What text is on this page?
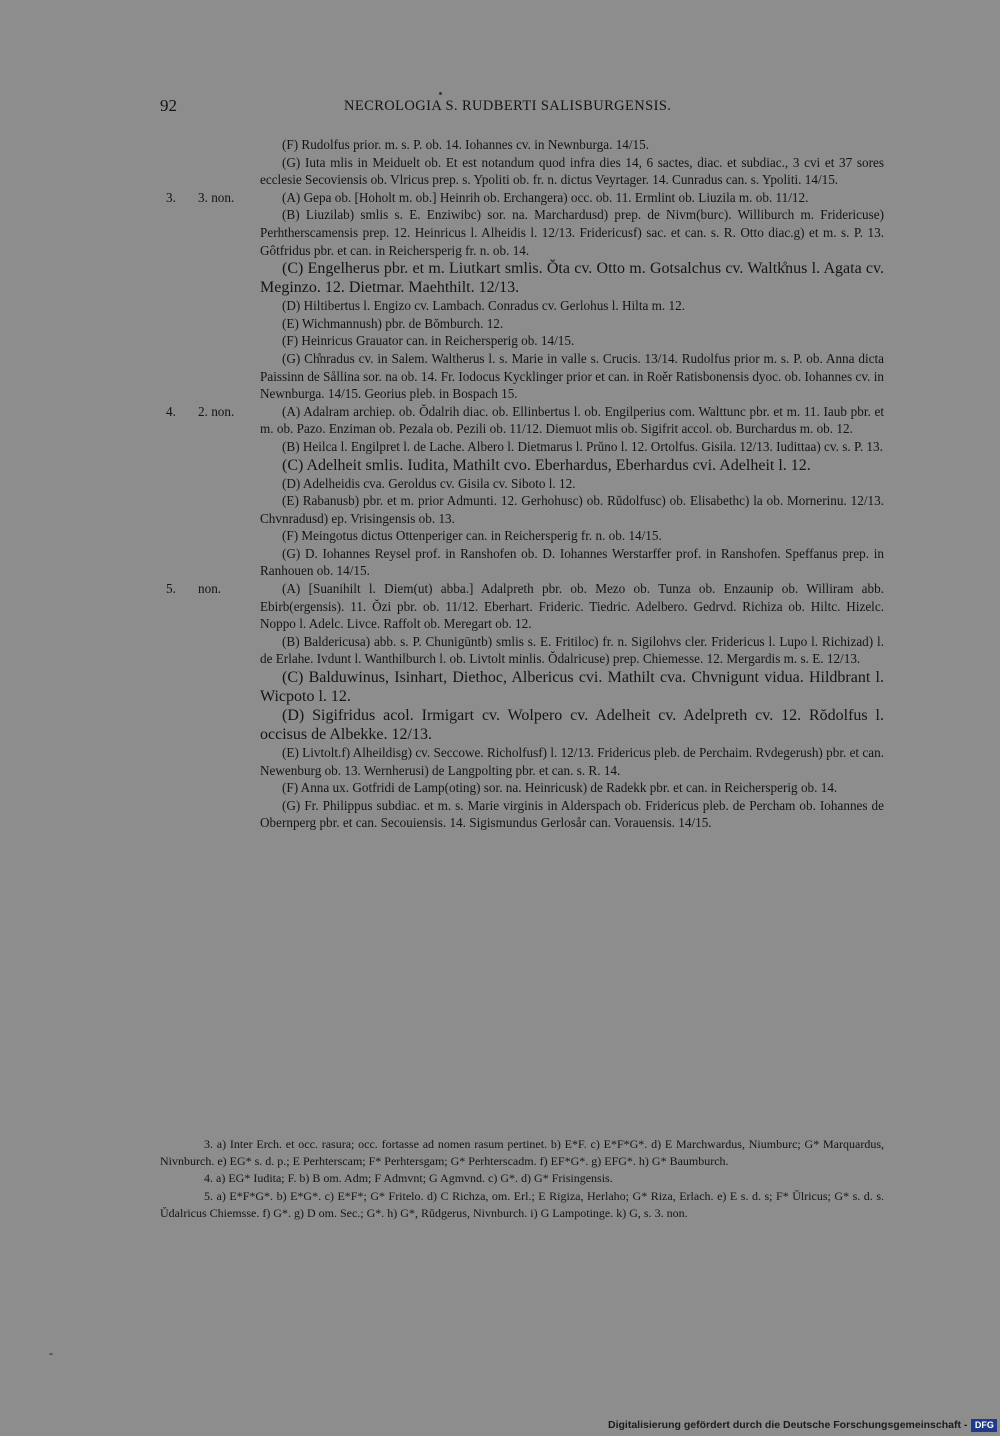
92	NECROLOGIA S. RUDBERTI SALISBURGENSIS.
(F) Rudolfus prior. m. s. P. ob. 14. Iohannes cv. in Newnburga. 14/15.
(G) Iuta mlis in Meiduelt ob. Et est notandum quod infra dies 14, 6 sactes, diac. et subdiac., 3 cvi et 37 sores ecclesie Secoviensis ob. Vlricus prep. s. Ypoliti ob. fr. n. dictus Veyrtager. 14. Cunradus can. s. Ypoliti. 14/15.
3. 3. non.	(A) Gepa ob. [Hoholt m. ob.] Heinrih ob. Erchangera) occ. ob. 11. Ermlint ob. Liuzila m. ob. 11/12.
(B) Liuzilab) smlis s. E. Enziwibc) sor. na. Marchardusd) prep. de Nivm(burc). Williburch m. Fridericuse) Perhtherscamensis prep. 12. Heinricus l. Alheidis l. 12/13. Fridericusf) sac. et can. s. R. Otto diac.g) et m. s. P. 13. Gôtfridus pbr. et can. in Reichersperig fr. n. ob. 14.
(C) Engelherus pbr. et m. Liutkart smlis. Ŏta cv. Otto m. Gotsalchus cv. Waltk̊nus l. Agata cv. Meginzo. 12. Dietmar. Maehthilt. 12/13.
(D) Hiltibertus l. Engizo cv. Lambach. Conradus cv. Gerlohus l. Hilta m. 12.
(E) Wichmannush) pbr. de Bŏmburch. 12.
(F) Heinricus Grauator can. in Reichersperig ob. 14/15.
(G) Ch̊nradus cv. in Salem. Waltherus l. s. Marie in valle s. Crucis. 13/14. Rudolfus prior m. s. P. ob. Anna dicta Paissinn de Sållina sor. na ob. 14. Fr. Iodocus Kycklinger prior et can. in Roěr Ratisbonensis dyoc. ob. Iohannes cv. in Newnburga. 14/15. Georius pleb. in Bospach 15.
4. 2. non.	(A) Adalram archiep. ob. Ŏdalrih diac. ob. Ellinbertus l. ob. Engilperius com. Walttunc pbr. et m. 11. Iaub pbr. et m. ob. Pazo. Enziman ob. Pezala ob. Pezili ob. 11/12. Diemuot mlis ob. Sigifrit accol. ob. Burchardus m. ob. 12.
(B) Heilca l. Engilpret l. de Lache. Albero l. Dietmarus l. Prŭno l. 12. Ortolfus. Gisila. 12/13. Iudittaa) cv. s. P. 13.
(C) Adelheit smlis. Iudita, Mathilt cvo. Eberhardus, Eberhardus cvi. Adelheit l. 12.
(D) Adelheidis cva. Geroldus cv. Gisila cv. Siboto l. 12.
(E) Rabanusb) pbr. et m. prior Admunti. 12. Gerhohusc) ob. Rŭdolfusc) ob. Elisabethc) la ob. Mornerinu. 12/13. Chvnradusd) ep. Vrisingensis ob. 13.
(F) Meingotus dictus Ottenperiger can. in Reichersperig fr. n. ob. 14/15.
(G) D. Iohannes Reysel prof. in Ranshofen ob. D. Iohannes Werstarffer prof. in Ranshofen. Speffanus prep. in Ranhouen ob. 14/15.
5. non.	(A) [Suanihilt l. Diem(ut) abba.] Adalpreth pbr. ob. Mezo ob. Tunza ob. Enzaunip ob. Williram abb. Ebirb(ergensis). 11. Ŏzi pbr. ob. 11/12. Eberhart. Frideric. Tiedric. Adelbero. Gedrvd. Richiza ob. Hiltc. Hizelc. Noppo l. Adelc. Livce. Raffolt ob. Meregart ob. 12.
(B) Baldericusa) abb. s. P. Chunigūntb) smlis s. E. Fritiloc) fr. n. Sigilohvs cler. Fridericus l. Lupo l. Richizad) l. de Erlahe. Ivdunt l. Wanthilburch l. ob. Livtolt minlis. Ŏdalricuse) prep. Chiemesse. 12. Mergardis m. s. E. 12/13.
(C) Balduwinus, Isinhart, Diethoc, Albericus cvi. Mathilt cva. Chvnigunt vidua. Hildbrant l. Wicpoto l. 12.
(D) Sigifridus acol. Irmigart cv. Wolpero cv. Adelheit cv. Adelpreth cv. 12. Rŏdolfus l. occisus de Albekke. 12/13.
(E) Livtolt.f) Alheildisg) cv. Seccowe. Richolfusf) l. 12/13. Fridericus pleb. de Perchaim. Rvdegerush) pbr. et can. Newenburg ob. 13. Wernherusi) de Langpolting pbr. et can. s. R. 14.
(F) Anna ux. Gotfridi de Lamp(oting) sor. na. Heinricusk) de Radekk pbr. et can. in Reichersperig ob. 14.
(G) Fr. Philippus subdiac. et m. s. Marie virginis in Alderspach ob. Fridericus pleb. de Percham ob. Iohannes de Obernperg pbr. et can. Secouiensis. 14. Sigismundus Gerlosår can. Vorauensis. 14/15.

3. a) Inter Erch. et occ. rasura; occ. fortasse ad nomen rasum pertinet. b) E*F. c) E*F*G*. d) E Marchwardus, Niumburc; G* Marquardus, Nivnburch. e) EG* s. d. p.; E Perhterscam; F* Perhtersgam; G* Perhterscadm. f) EF*G*. g) EFG*. h) G* Baumburch.

4. a) EG* Iudita; F. b) B om. Adm; F Admvnt; G Agmvnd. c) G*. d) G* Frisingensis.

5. a) E*F*G*. b) E*G*. c) E*F*; G* Fritelo. d) C Richza, om. Erl.; E Rigiza, Herlaho; G* Riza, Erlach. e) E s. d. s; F* Ŭlricus; G* s. d. s. Ŭdalricus Chiemsse. f) G*. g) D om. Sec.; G*. h) G*, Rŭdgerus, Nivnburch. i) G Lampotinge. k) G, s. 3. non.

-
Digitalisierung gefördert durch die Deutsche Forschungsgemeinschaft - DFG
